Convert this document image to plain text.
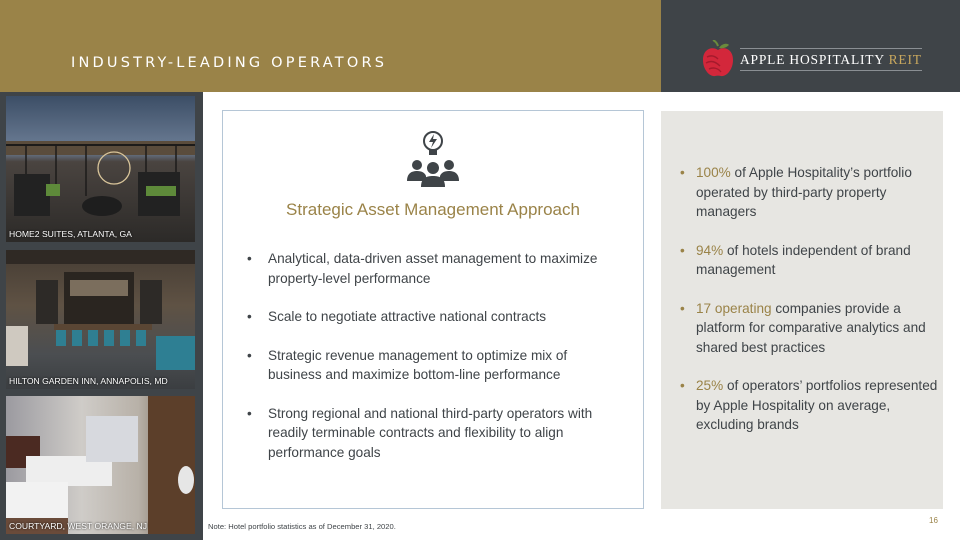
INDUSTRY-LEADING OPERATORS	APPLE HOSPITALITY REIT
HOME2 SUITES, ATLANTA, GA
HILTON GARDEN INN, ANNAPOLIS, MD
COURTYARD, WEST ORANGE, NJ
Strategic Asset Management Approach
• Analytical, data-driven asset management to maximize property-level performance
• Scale to negotiate attractive national contracts
• Strategic revenue management to optimize mix of business and maximize bottom-line performance
• Strong regional and national third-party operators with readily terminable contracts and flexibility to align performance goals
• 100% of Apple Hospitality’s portfolio operated by third-party property managers
• 94% of hotels independent of brand management
• 17 operating companies provide a platform for comparative analytics and shared best practices
• 25% of operators’ portfolios represented by Apple Hospitality on average, excluding brands
Note: Hotel portfolio statistics as of December 31, 2020.
16
